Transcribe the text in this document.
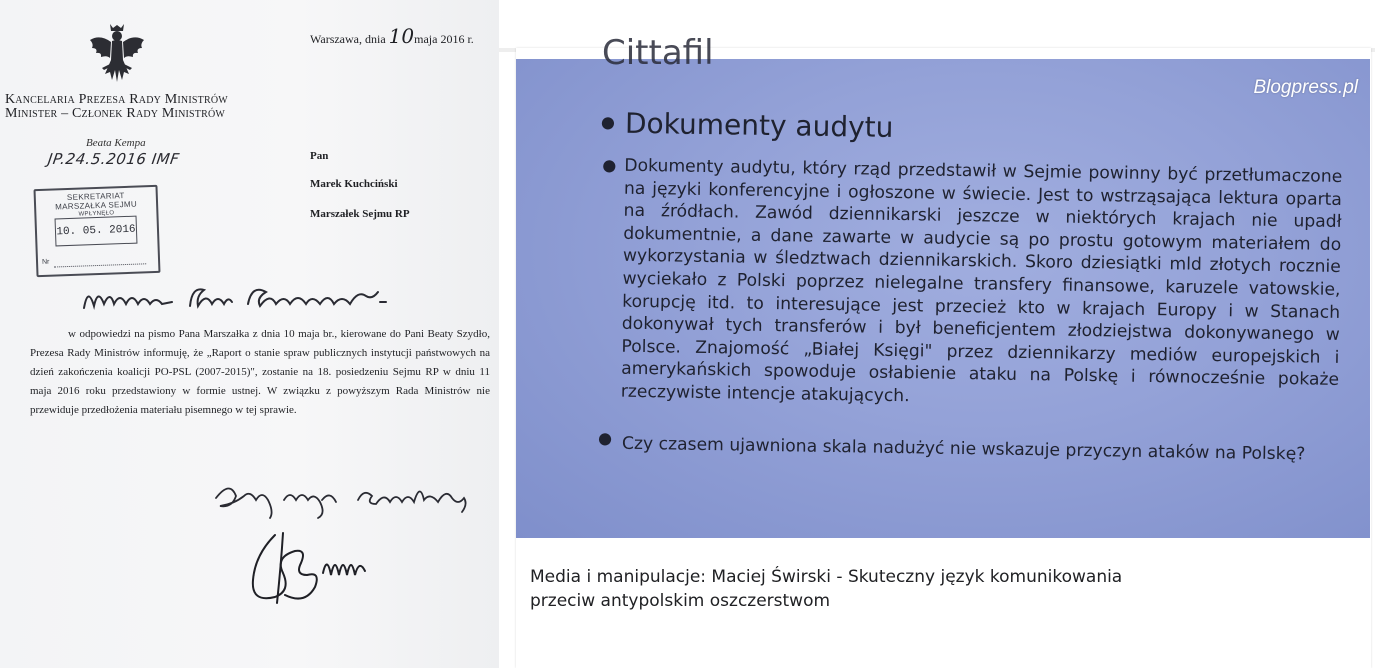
Kancelaria Prezesa Rady Ministrów
Minister – Członek Rady Ministrów
Warszawa, dnia 10maja 2016 r.
Beata Kempa
JP.24.5.2016 IMF	Pan
Marek Kuchciński
Marszałek Sejmu RP
SEKRETARIAT MARSZAŁKA SEJMU
WPŁYNĘŁO
10. 05. 2016
Nr

w odpowiedzi na pismo Pana Marszałka z dnia 10 maja br., kierowane do Pani Beaty Szydło, Prezesa Rady Ministrów informuję, że „Raport o stanie spraw publicznych instytucji państwowych na dzień zakończenia koalicji PO-PSL (2007-2015)", zostanie na 18. posiedzeniu Sejmu RP w dniu 11 maja 2016 roku przedstawiony w formie ustnej. W związku z powyższym Rada Ministrów nie przewiduje przedłożenia materiału pisemnego w tej sprawie.

Cittafil
Blogpress.pl
● Dokumenty audytu
● Dokumenty audytu, który rząd przedstawił w Sejmie powinny być przetłumaczone na języki konferencyjne i ogłoszone w świecie. Jest to wstrząsająca lektura oparta na źródłach. Zawód dziennikarski jeszcze w niektórych krajach nie upadł dokumentnie, a dane zawarte w audycie są po prostu gotowym materiałem do wykorzystania w śledztwach dziennikarskich. Skoro dziesiątki mld złotych rocznie wyciekało z Polski poprzez nielegalne transfery finansowe, karuzele vatowskie, korupcję itd. to interesujące jest przecież kto w krajach Europy i w Stanach dokonywał tych transferów i był beneficjentem złodziejstwa dokonywanego w Polsce. Znajomość „Białej Księgi" przez dziennikarzy mediów europejskich i amerykańskich spowoduje osłabienie ataku na Polskę i równocześnie pokaże rzeczywiste intencje atakujących.
● Czy czasem ujawniona skala nadużyć nie wskazuje przyczyn ataków na Polskę?
Media i manipulacje: Maciej Świrski - Skuteczny język komunikowania
przeciw antypolskim oszczerstwom
